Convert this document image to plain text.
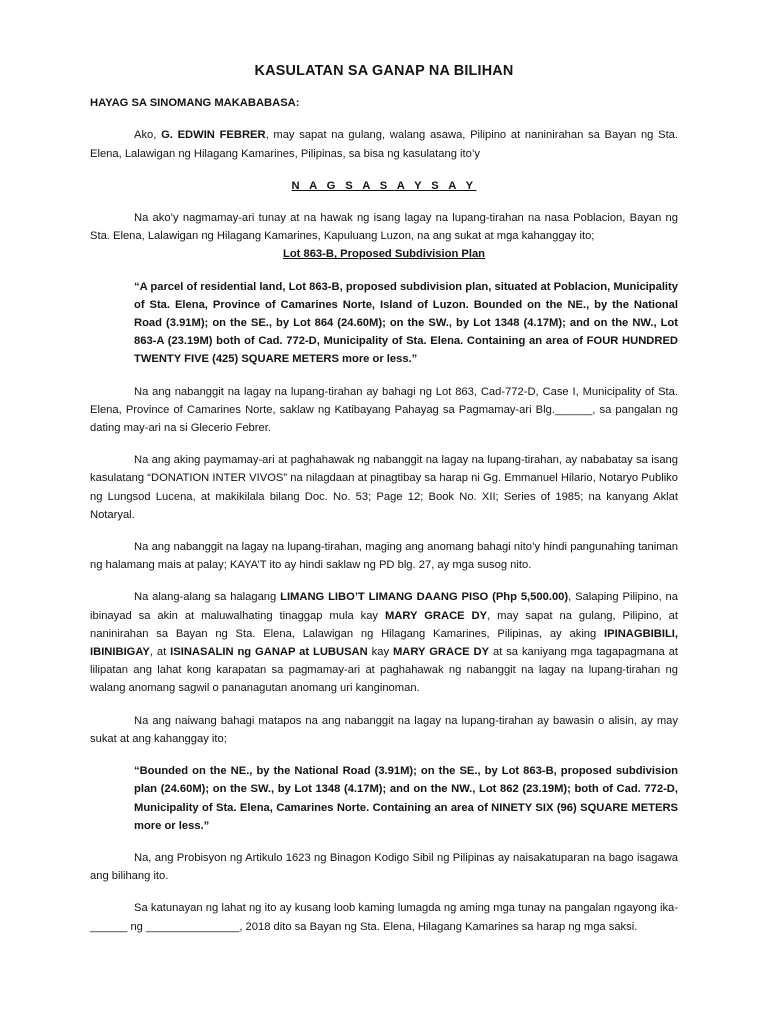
KASULATAN SA GANAP NA BILIHAN
HAYAG SA SINOMANG MAKABABASA:

Ako, G. EDWIN FEBRER, may sapat na gulang, walang asawa, Pilipino at naninirahan sa Bayan ng Sta. Elena, Lalawigan ng Hilagang Kamarines, Pilipinas, sa bisa ng kasulatang ito’y

N A G S A S A Y S A Y

Na ako’y nagmamay-ari tunay at na hawak ng isang lagay na lupang-tirahan na nasa Poblacion, Bayan ng Sta. Elena, Lalawigan ng Hilagang Kamarines, Kapuluang Luzon, na ang sukat at mga kahanggay ito;

Lot 863-B, Proposed Subdivision Plan

“A parcel of residential land, Lot 863-B, proposed subdivision plan, situated at Poblacion, Municipality of Sta. Elena, Province of Camarines Norte, Island of Luzon. Bounded on the NE., by the National Road (3.91M); on the SE., by Lot 864 (24.60M); on the SW., by Lot 1348 (4.17M); and on the NW., Lot 863-A (23.19M) both of Cad. 772-D, Municipality of Sta. Elena. Containing an area of FOUR HUNDRED TWENTY FIVE (425) SQUARE METERS more or less.”

Na ang nabanggit na lagay na lupang-tirahan ay bahagi ng Lot 863, Cad-772-D, Case I, Municipality of Sta. Elena, Province of Camarines Norte, saklaw ng Katibayang Pahayag sa Pagmamay-ari Blg.______, sa pangalan ng dating may-ari na si Glecerio Febrer.

Na ang aking paymamay-ari at paghahawak ng nabanggit na lagay na lupang-tirahan, ay nababatay sa isang kasulatang “DONATION INTER VIVOS” na nilagdaan at pinagtibay sa harap ni Gg. Emmanuel Hilario, Notaryo Publiko ng Lungsod Lucena, at makikilala bilang Doc. No. 53; Page 12; Book No. XII; Series of 1985; na kanyang Aklat Notaryal.

Na ang nabanggit na lagay na lupang-tirahan, maging ang anomang bahagi nito’y hindi pangunahing taniman ng halamang mais at palay; KAYA’T ito ay hindi saklaw ng PD blg. 27, ay mga susog nito.

Na alang-alang sa halagang LIMANG LIBO’T LIMANG DAANG PISO (Php 5,500.00), Salaping Pilipino, na ibinayad sa akin at maluwalhating tinaggap mula kay MARY GRACE DY, may sapat na gulang, Pilipino, at naninirahan sa Bayan ng Sta. Elena, Lalawigan ng Hilagang Kamarines, Pilipinas, ay aking IPINAGBIBILI, IBINIBIGAY, at ISINASALIN ng GANAP at LUBUSAN kay MARY GRACE DY at sa kaniyang mga tagapagmana at lilipatan ang lahat kong karapatan sa pagmamay-ari at paghahawak ng nabanggit na lagay na lupang-tirahan ng walang anomang sagwil o pananagutan anomang uri kanginoman.

Na ang naiwang bahagi matapos na ang nabanggit na lagay na lupang-tirahan ay bawasin o alisin, ay may sukat at ang kahanggay ito;

“Bounded on the NE., by the National Road (3.91M); on the SE., by Lot 863-B, proposed subdivision plan (24.60M); on the SW., by Lot 1348 (4.17M); and on the NW., Lot 862 (23.19M); both of Cad. 772-D, Municipality of Sta. Elena, Camarines Norte. Containing an area of NINETY SIX (96) SQUARE METERS more or less.”

Na, ang Probisyon ng Artikulo 1623 ng Binagon Kodigo Sibil ng Pilipinas ay naisakatuparan na bago isagawa ang bilihang ito.

Sa katunayan ng lahat ng ito ay kusang loob kaming lumagda ng aming mga tunay na pangalan ngayong ika-______ ng _______________, 2018 dito sa Bayan ng Sta. Elena, Hilagang Kamarines sa harap ng mga saksi.
